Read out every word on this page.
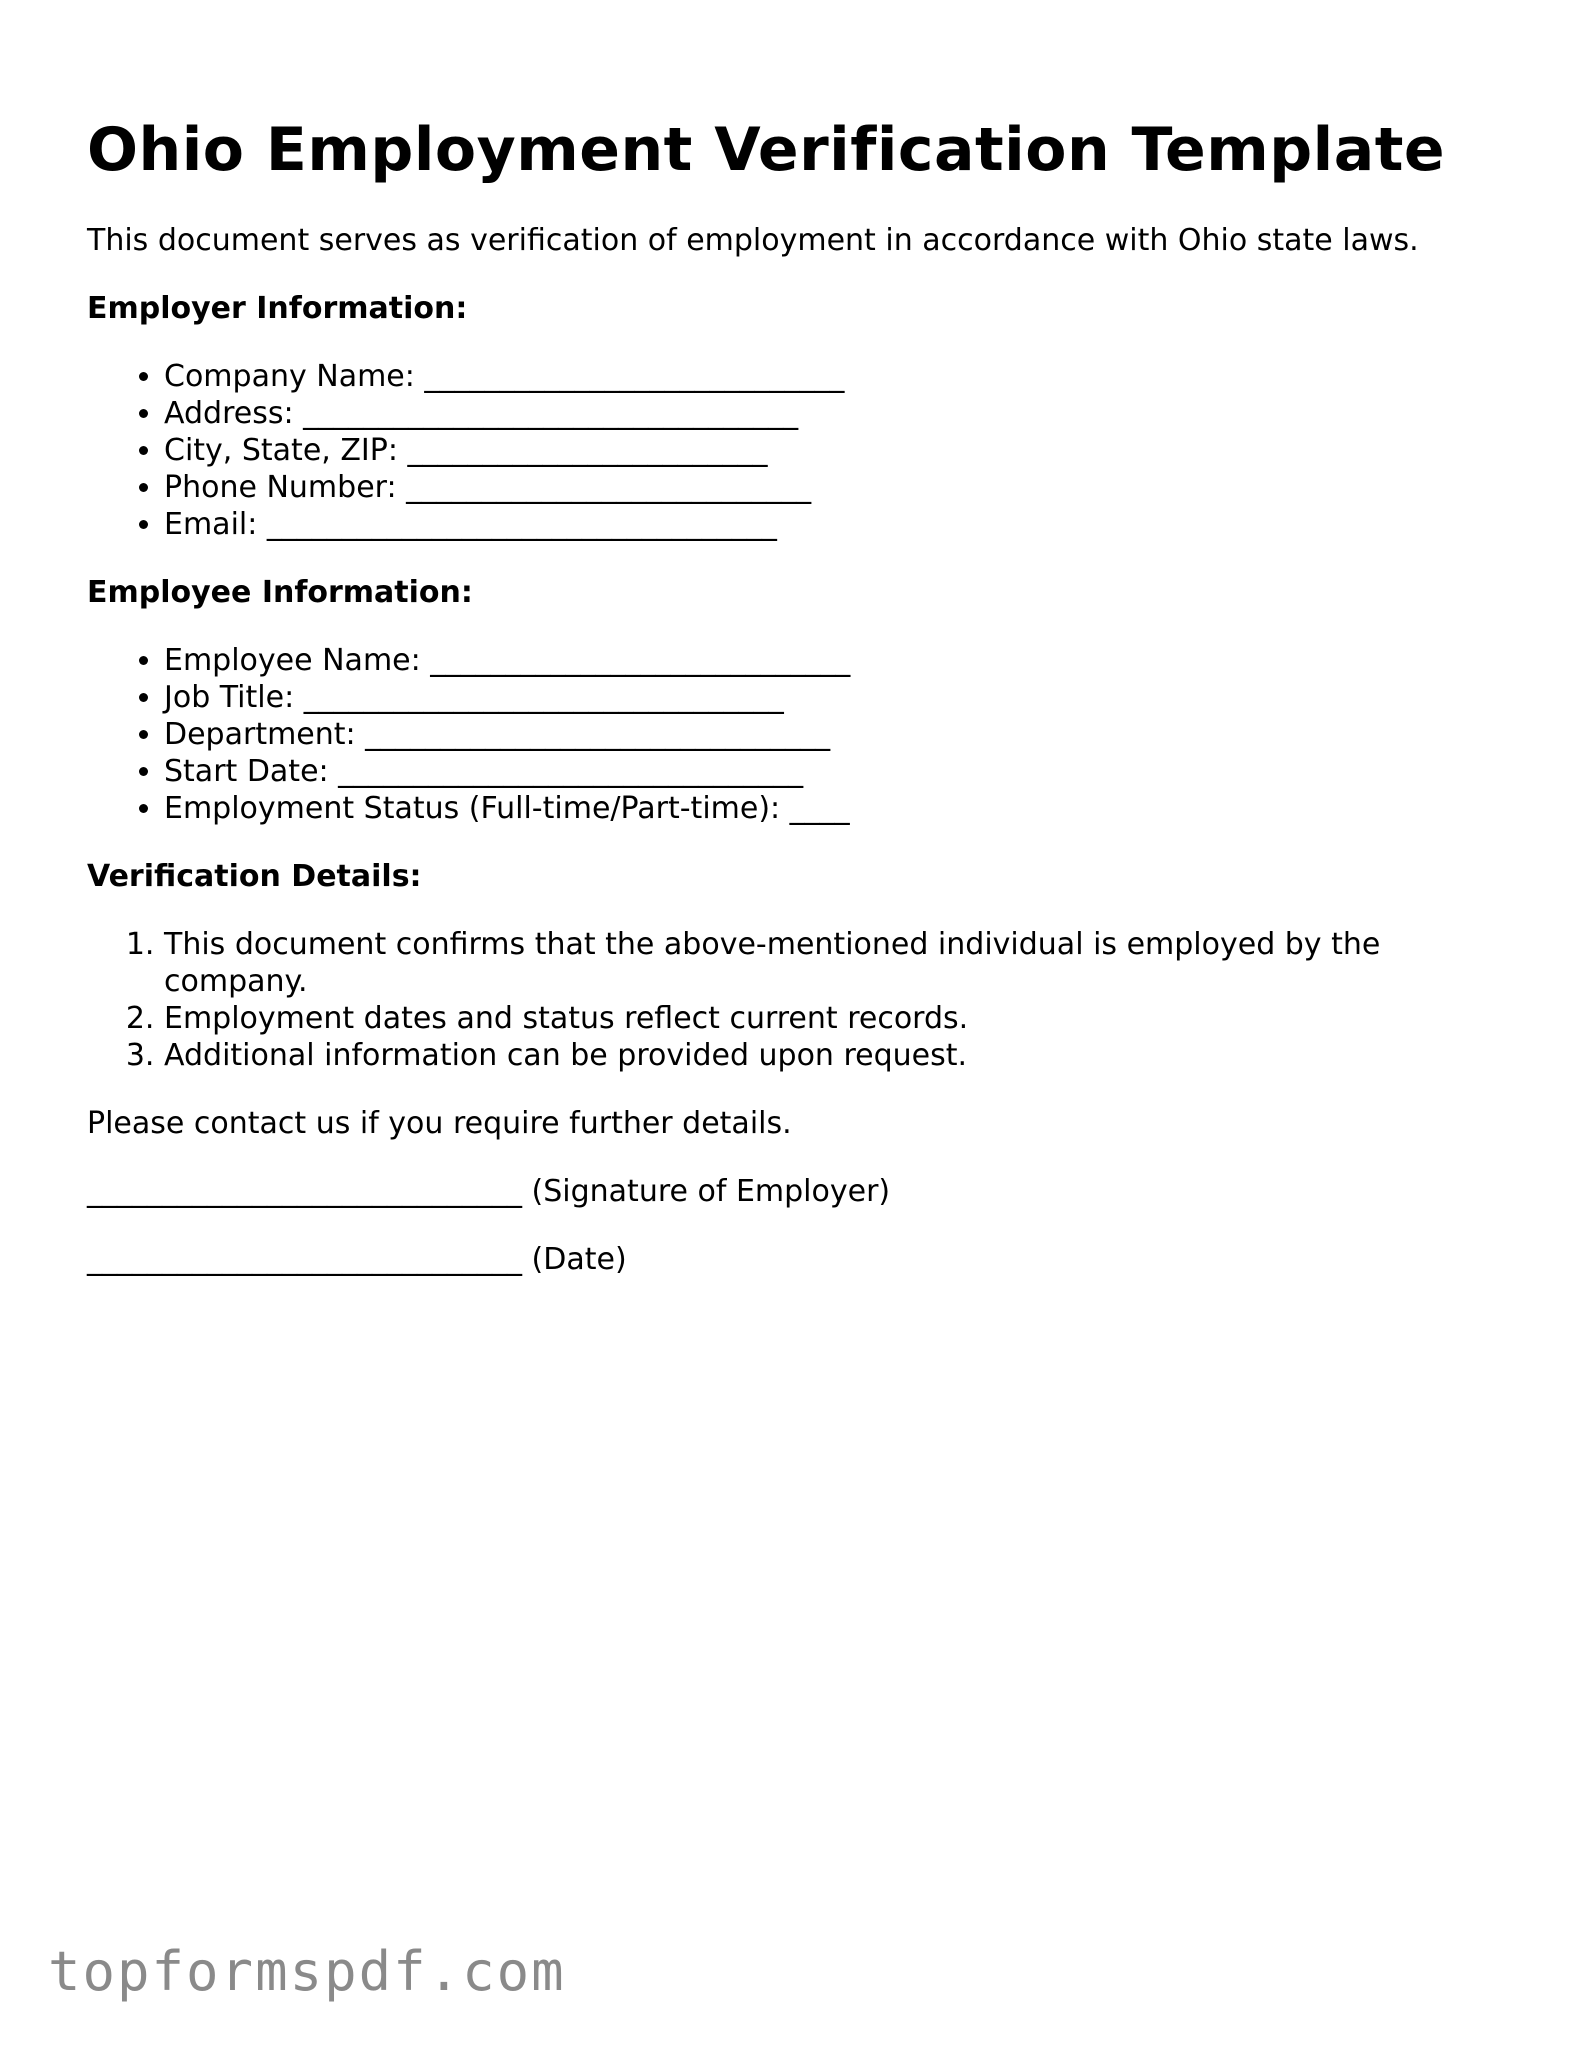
Ohio Employment Verification Template

This document serves as verification of employment in accordance with Ohio state laws.

Employer Information:
• Company Name: ____________________________
• Address: _________________________________
• City, State, ZIP: ________________________
• Phone Number: ___________________________
• Email: __________________________________
Employee Information:
• Employee Name: ____________________________
• Job Title: ________________________________
• Department: _______________________________
• Start Date: _______________________________
• Employment Status (Full-time/Part-time): ____
Verification Details:
1. This document confirms that the above-mentioned individual is employed by the company.
2. Employment dates and status reflect current records.
3. Additional information can be provided upon request.

Please contact us if you require further details.

_____________________________ (Signature of Employer)
_____________________________ (Date)
topformspdf.com
